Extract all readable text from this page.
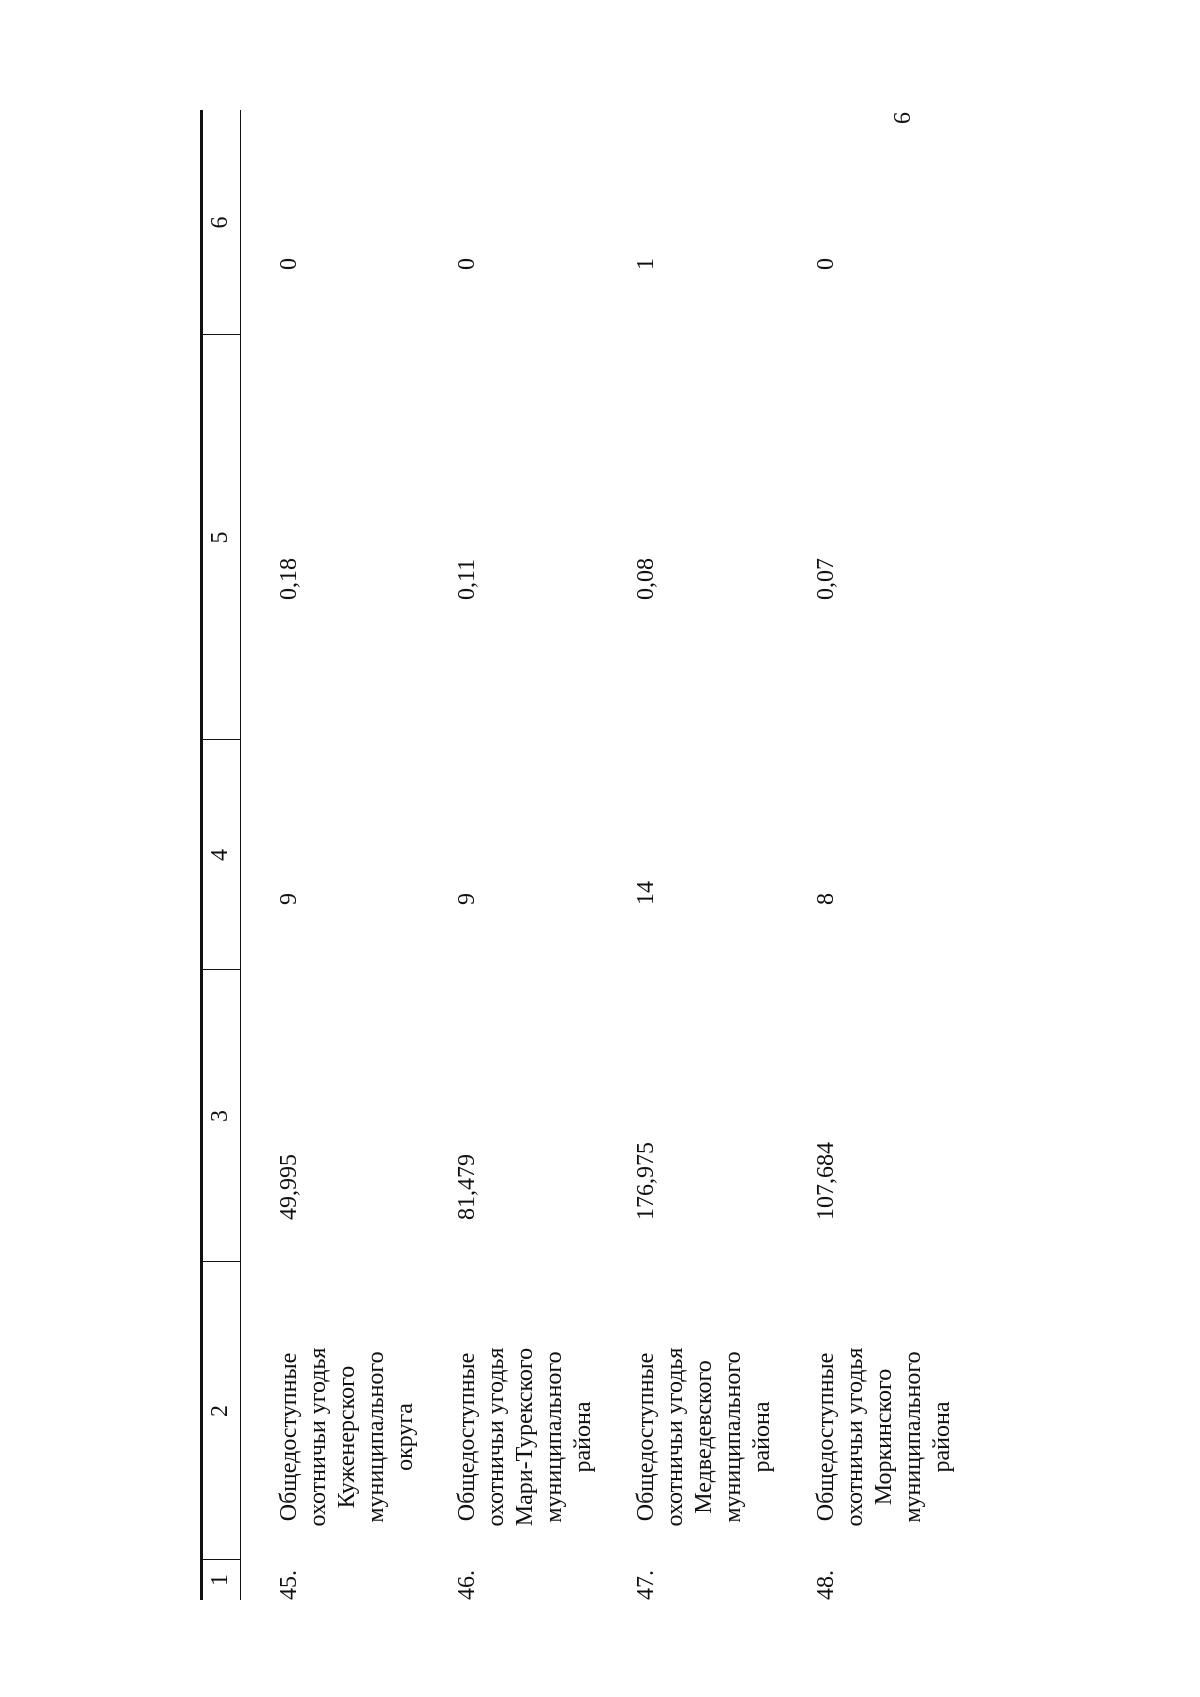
9
1
2
3
4
5
6
45.
Общедоступные
охотничьи угодья
Куженерского
муниципального
округа
49,995
9
0,18
0
46.
Общедоступные
охотничьи угодья
Мари-Турекского
муниципального
района
81,479
9
0,11
0
47.
Общедоступные
охотничьи угодья
Медведевского
муниципального
района
176,975
14
0,08
1
48.
Общедоступные
охотничьи угодья
Моркинского
муниципального
района
107,684
8
0,07
0
